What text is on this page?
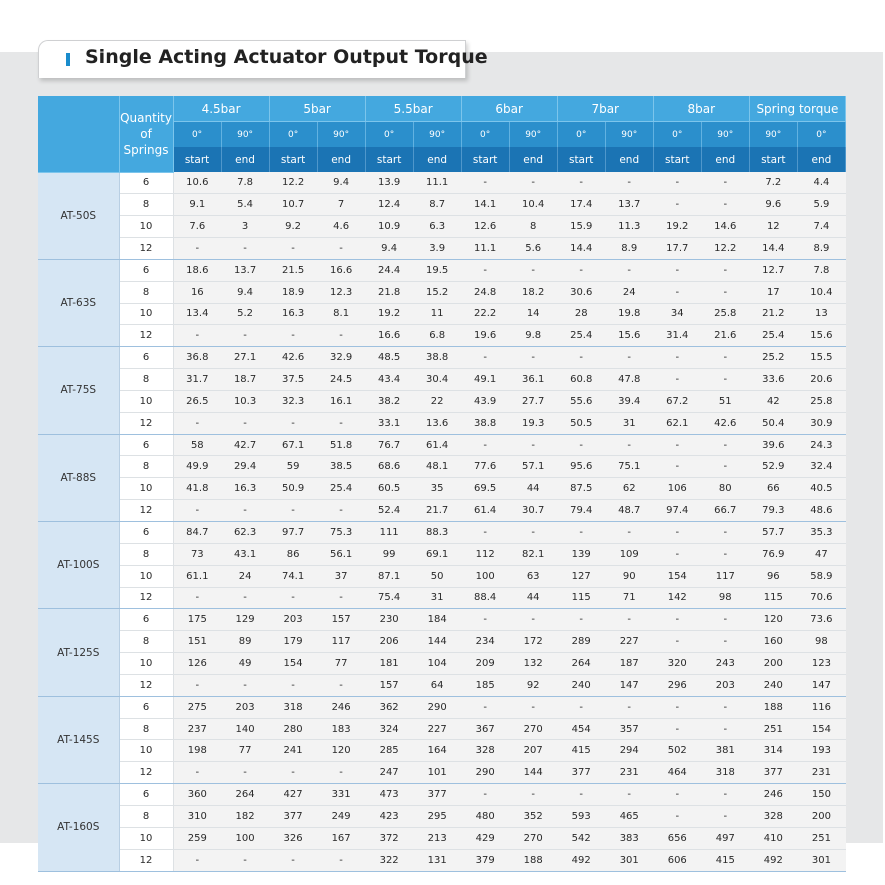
Single Acting Actuator Output Torque

	Quantity
of
Springs	4.5bar		5bar		5.5bar		6bar		7bar		8bar		Spring torque	
		0°	90°	0°	90°	0°	90°	0°	90°	0°	90°	0°	90°	90°	0°
		start	end	start	end	start	end	start	end	start	end	start	end	start	end
AT-50S	6	10.6	7.8	12.2	9.4	13.9	11.1	-	-	-	-	-	-	7.2	4.4
	8	9.1	5.4	10.7	7	12.4	8.7	14.1	10.4	17.4	13.7	-	-	9.6	5.9
	10	7.6	3	9.2	4.6	10.9	6.3	12.6	8	15.9	11.3	19.2	14.6	12	7.4
	12	-	-	-	-	9.4	3.9	11.1	5.6	14.4	8.9	17.7	12.2	14.4	8.9
AT-63S	6	18.6	13.7	21.5	16.6	24.4	19.5	-	-	-	-	-	-	12.7	7.8
	8	16	9.4	18.9	12.3	21.8	15.2	24.8	18.2	30.6	24	-	-	17	10.4
	10	13.4	5.2	16.3	8.1	19.2	11	22.2	14	28	19.8	34	25.8	21.2	13
	12	-	-	-	-	16.6	6.8	19.6	9.8	25.4	15.6	31.4	21.6	25.4	15.6
AT-75S	6	36.8	27.1	42.6	32.9	48.5	38.8	-	-	-	-	-	-	25.2	15.5
	8	31.7	18.7	37.5	24.5	43.4	30.4	49.1	36.1	60.8	47.8	-	-	33.6	20.6
	10	26.5	10.3	32.3	16.1	38.2	22	43.9	27.7	55.6	39.4	67.2	51	42	25.8
	12	-	-	-	-	33.1	13.6	38.8	19.3	50.5	31	62.1	42.6	50.4	30.9
AT-88S	6	58	42.7	67.1	51.8	76.7	61.4	-	-	-	-	-	-	39.6	24.3
	8	49.9	29.4	59	38.5	68.6	48.1	77.6	57.1	95.6	75.1	-	-	52.9	32.4
	10	41.8	16.3	50.9	25.4	60.5	35	69.5	44	87.5	62	106	80	66	40.5
	12	-	-	-	-	52.4	21.7	61.4	30.7	79.4	48.7	97.4	66.7	79.3	48.6
AT-100S	6	84.7	62.3	97.7	75.3	111	88.3	-	-	-	-	-	-	57.7	35.3
	8	73	43.1	86	56.1	99	69.1	112	82.1	139	109	-	-	76.9	47
	10	61.1	24	74.1	37	87.1	50	100	63	127	90	154	117	96	58.9
	12	-	-	-	-	75.4	31	88.4	44	115	71	142	98	115	70.6
AT-125S	6	175	129	203	157	230	184	-	-	-	-	-	-	120	73.6
	8	151	89	179	117	206	144	234	172	289	227	-	-	160	98
	10	126	49	154	77	181	104	209	132	264	187	320	243	200	123
	12	-	-	-	-	157	64	185	92	240	147	296	203	240	147
AT-145S	6	275	203	318	246	362	290	-	-	-	-	-	-	188	116
	8	237	140	280	183	324	227	367	270	454	357	-	-	251	154
	10	198	77	241	120	285	164	328	207	415	294	502	381	314	193
	12	-	-	-	-	247	101	290	144	377	231	464	318	377	231
AT-160S	6	360	264	427	331	473	377	-	-	-	-	-	-	246	150
	8	310	182	377	249	423	295	480	352	593	465	-	-	328	200
	10	259	100	326	167	372	213	429	270	542	383	656	497	410	251
	12	-	-	-	-	322	131	379	188	492	301	606	415	492	301
